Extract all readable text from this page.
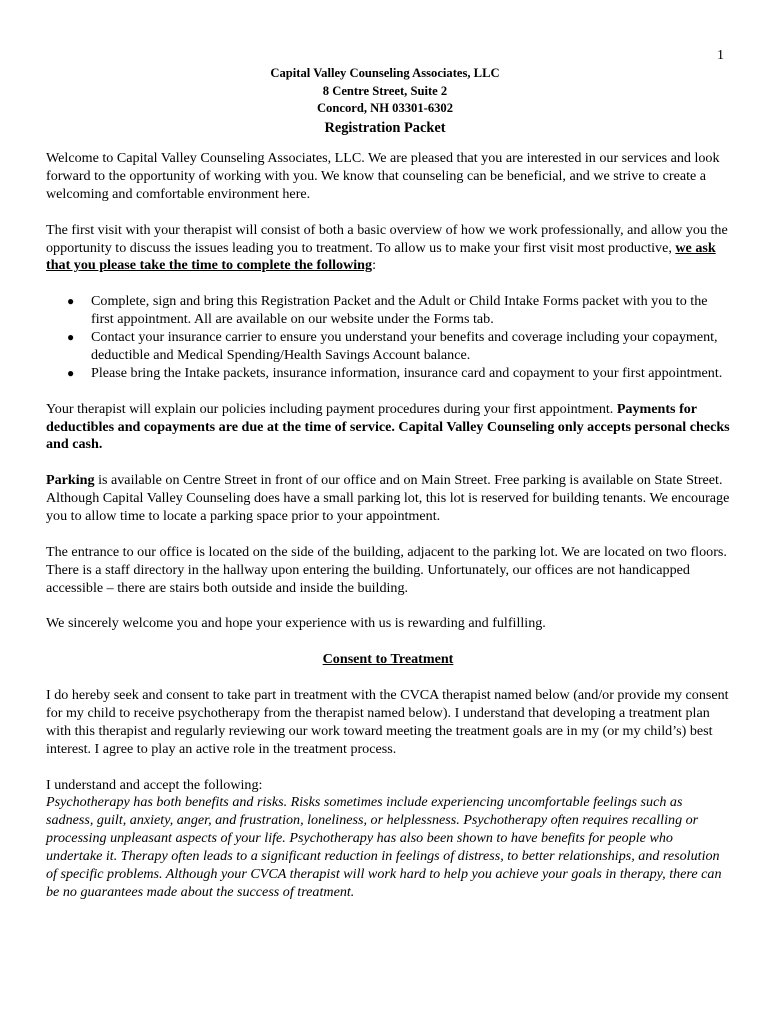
1
Capital Valley Counseling Associates, LLC
8 Centre Street, Suite 2
Concord, NH 03301-6302
Registration Packet

Welcome to Capital Valley Counseling Associates, LLC. We are pleased that you are interested in our services and look forward to the opportunity of working with you. We know that counseling can be beneficial, and we strive to create a welcoming and comfortable environment here.

The first visit with your therapist will consist of both a basic overview of how we work professionally, and allow you the opportunity to discuss the issues leading you to treatment. To allow us to make your first visit most productive, we ask that you please take the time to complete the following:

● Complete, sign and bring this Registration Packet and the Adult or Child Intake Forms packet with you to the first appointment. All are available on our website under the Forms tab.
● Contact your insurance carrier to ensure you understand your benefits and coverage including your copayment, deductible and Medical Spending/Health Savings Account balance.
● Please bring the Intake packets, insurance information, insurance card and copayment to your first appointment.

Your therapist will explain our policies including payment procedures during your first appointment. Payments for deductibles and copayments are due at the time of service. Capital Valley Counseling only accepts personal checks and cash.

Parking is available on Centre Street in front of our office and on Main Street. Free parking is available on State Street. Although Capital Valley Counseling does have a small parking lot, this lot is reserved for building tenants. We encourage you to allow time to locate a parking space prior to your appointment.

The entrance to our office is located on the side of the building, adjacent to the parking lot. We are located on two floors. There is a staff directory in the hallway upon entering the building. Unfortunately, our offices are not handicapped accessible – there are stairs both outside and inside the building.

We sincerely welcome you and hope your experience with us is rewarding and fulfilling.

Consent to Treatment

I do hereby seek and consent to take part in treatment with the CVCA therapist named below (and/or provide my consent for my child to receive psychotherapy from the therapist named below). I understand that developing a treatment plan with this therapist and regularly reviewing our work toward meeting the treatment goals are in my (or my child’s) best interest. I agree to play an active role in the treatment process.

I understand and accept the following:
Psychotherapy has both benefits and risks. Risks sometimes include experiencing uncomfortable feelings such as sadness, guilt, anxiety, anger, and frustration, loneliness, or helplessness. Psychotherapy often requires recalling or processing unpleasant aspects of your life. Psychotherapy has also been shown to have benefits for people who undertake it. Therapy often leads to a significant reduction in feelings of distress, to better relationships, and resolution of specific problems. Although your CVCA therapist will work hard to help you achieve your goals in therapy, there can be no guarantees made about the success of treatment.
